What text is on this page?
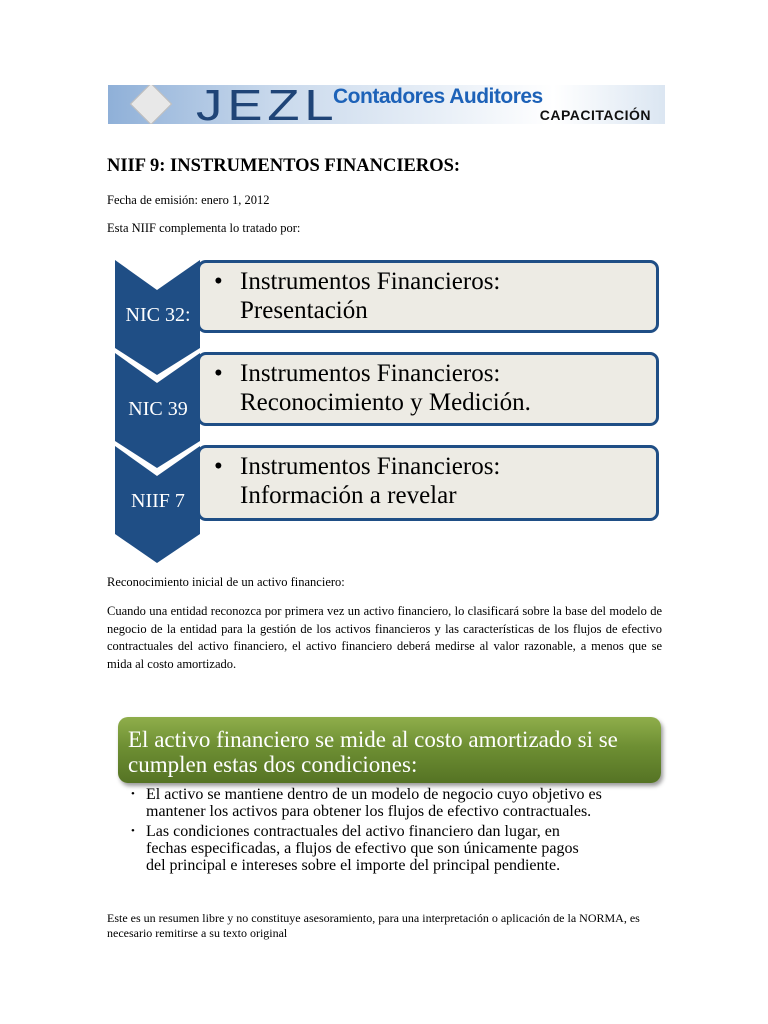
JEZL
Contadores Auditores
CAPACITACIÓN
NIIF 9: INSTRUMENTOS FINANCIEROS:
Fecha de emisión: enero 1, 2012
Esta NIIF complementa lo tratado por:
NIC 32:
NIC 39
NIIF 7
• Instrumentos Financieros:
Presentación
• Instrumentos Financieros:
Reconocimiento y Medición.
• Instrumentos Financieros:
Información a revelar
Reconocimiento inicial de un activo financiero:
Cuando una entidad reconozca por primera vez un activo financiero, lo clasificará sobre la base del modelo de negocio de la entidad para la gestión de los activos financieros y las características de los flujos de efectivo contractuales del activo financiero, el activo financiero deberá medirse al valor razonable, a menos que se mida al costo amortizado.
El activo financiero se mide al costo amortizado si se cumplen estas dos condiciones:
• El activo se mantiene dentro de un modelo de negocio cuyo objetivo es
mantener los activos para obtener los flujos de efectivo contractuales.
• Las condiciones contractuales del activo financiero dan lugar, en
fechas especificadas, a flujos de efectivo que son únicamente pagos
del principal e intereses sobre el importe del principal pendiente.
Este es un resumen libre y no constituye asesoramiento, para una interpretación o aplicación de la NORMA, es necesario remitirse a su texto original
